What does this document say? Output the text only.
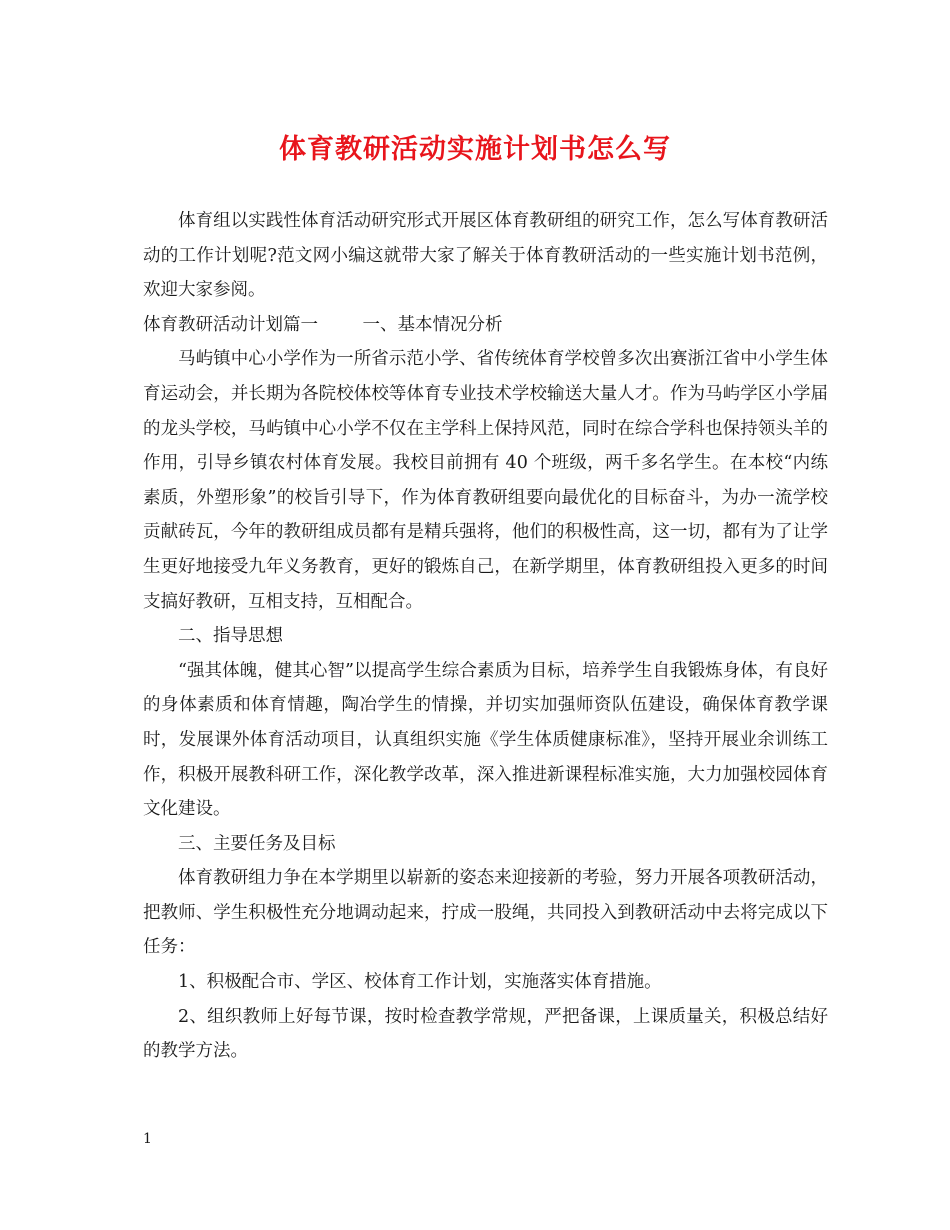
体育教研活动实施计划书怎么写

体育组以实践性体育活动研究形式开展区体育教研组的研究工作，怎么写体育教研活动的工作计划呢?范文网小编这就带大家了解关于体育教研活动的一些实施计划书范例，欢迎大家参阅。

体育教研活动计划篇一        一、基本情况分析

马屿镇中心小学作为一所省示范小学、省传统体育学校曾多次出赛浙江省中小学生体育运动会，并长期为各院校体校等体育专业技术学校输送大量人才。作为马屿学区小学届的龙头学校，马屿镇中心小学不仅在主学科上保持风范，同时在综合学科也保持领头羊的作用，引导乡镇农村体育发展。我校目前拥有 40 个班级，两千多名学生。在本校“内练素质，外塑形象”的校旨引导下，作为体育教研组要向最优化的目标奋斗，为办一流学校贡献砖瓦，今年的教研组成员都有是精兵强将，他们的积极性高，这一切，都有为了让学生更好地接受九年义务教育，更好的锻炼自己，在新学期里，体育教研组投入更多的时间支搞好教研，互相支持，互相配合。

二、指导思想

“强其体魄，健其心智”以提高学生综合素质为目标，培养学生自我锻炼身体，有良好的身体素质和体育情趣，陶冶学生的情操，并切实加强师资队伍建设，确保体育教学课时，发展课外体育活动项目，认真组织实施《学生体质健康标准》，坚持开展业余训练工作，积极开展教科研工作，深化教学改革，深入推进新课程标准实施，大力加强校园体育文化建设。

三、主要任务及目标

体育教研组力争在本学期里以崭新的姿态来迎接新的考验，努力开展各项教研活动，把教师、学生积极性充分地调动起来，拧成一股绳，共同投入到教研活动中去将完成以下任务：

1、积极配合市、学区、校体育工作计划，实施落实体育措施。

2、组织教师上好每节课，按时检查教学常规，严把备课，上课质量关，积极总结好的教学方法。

1
